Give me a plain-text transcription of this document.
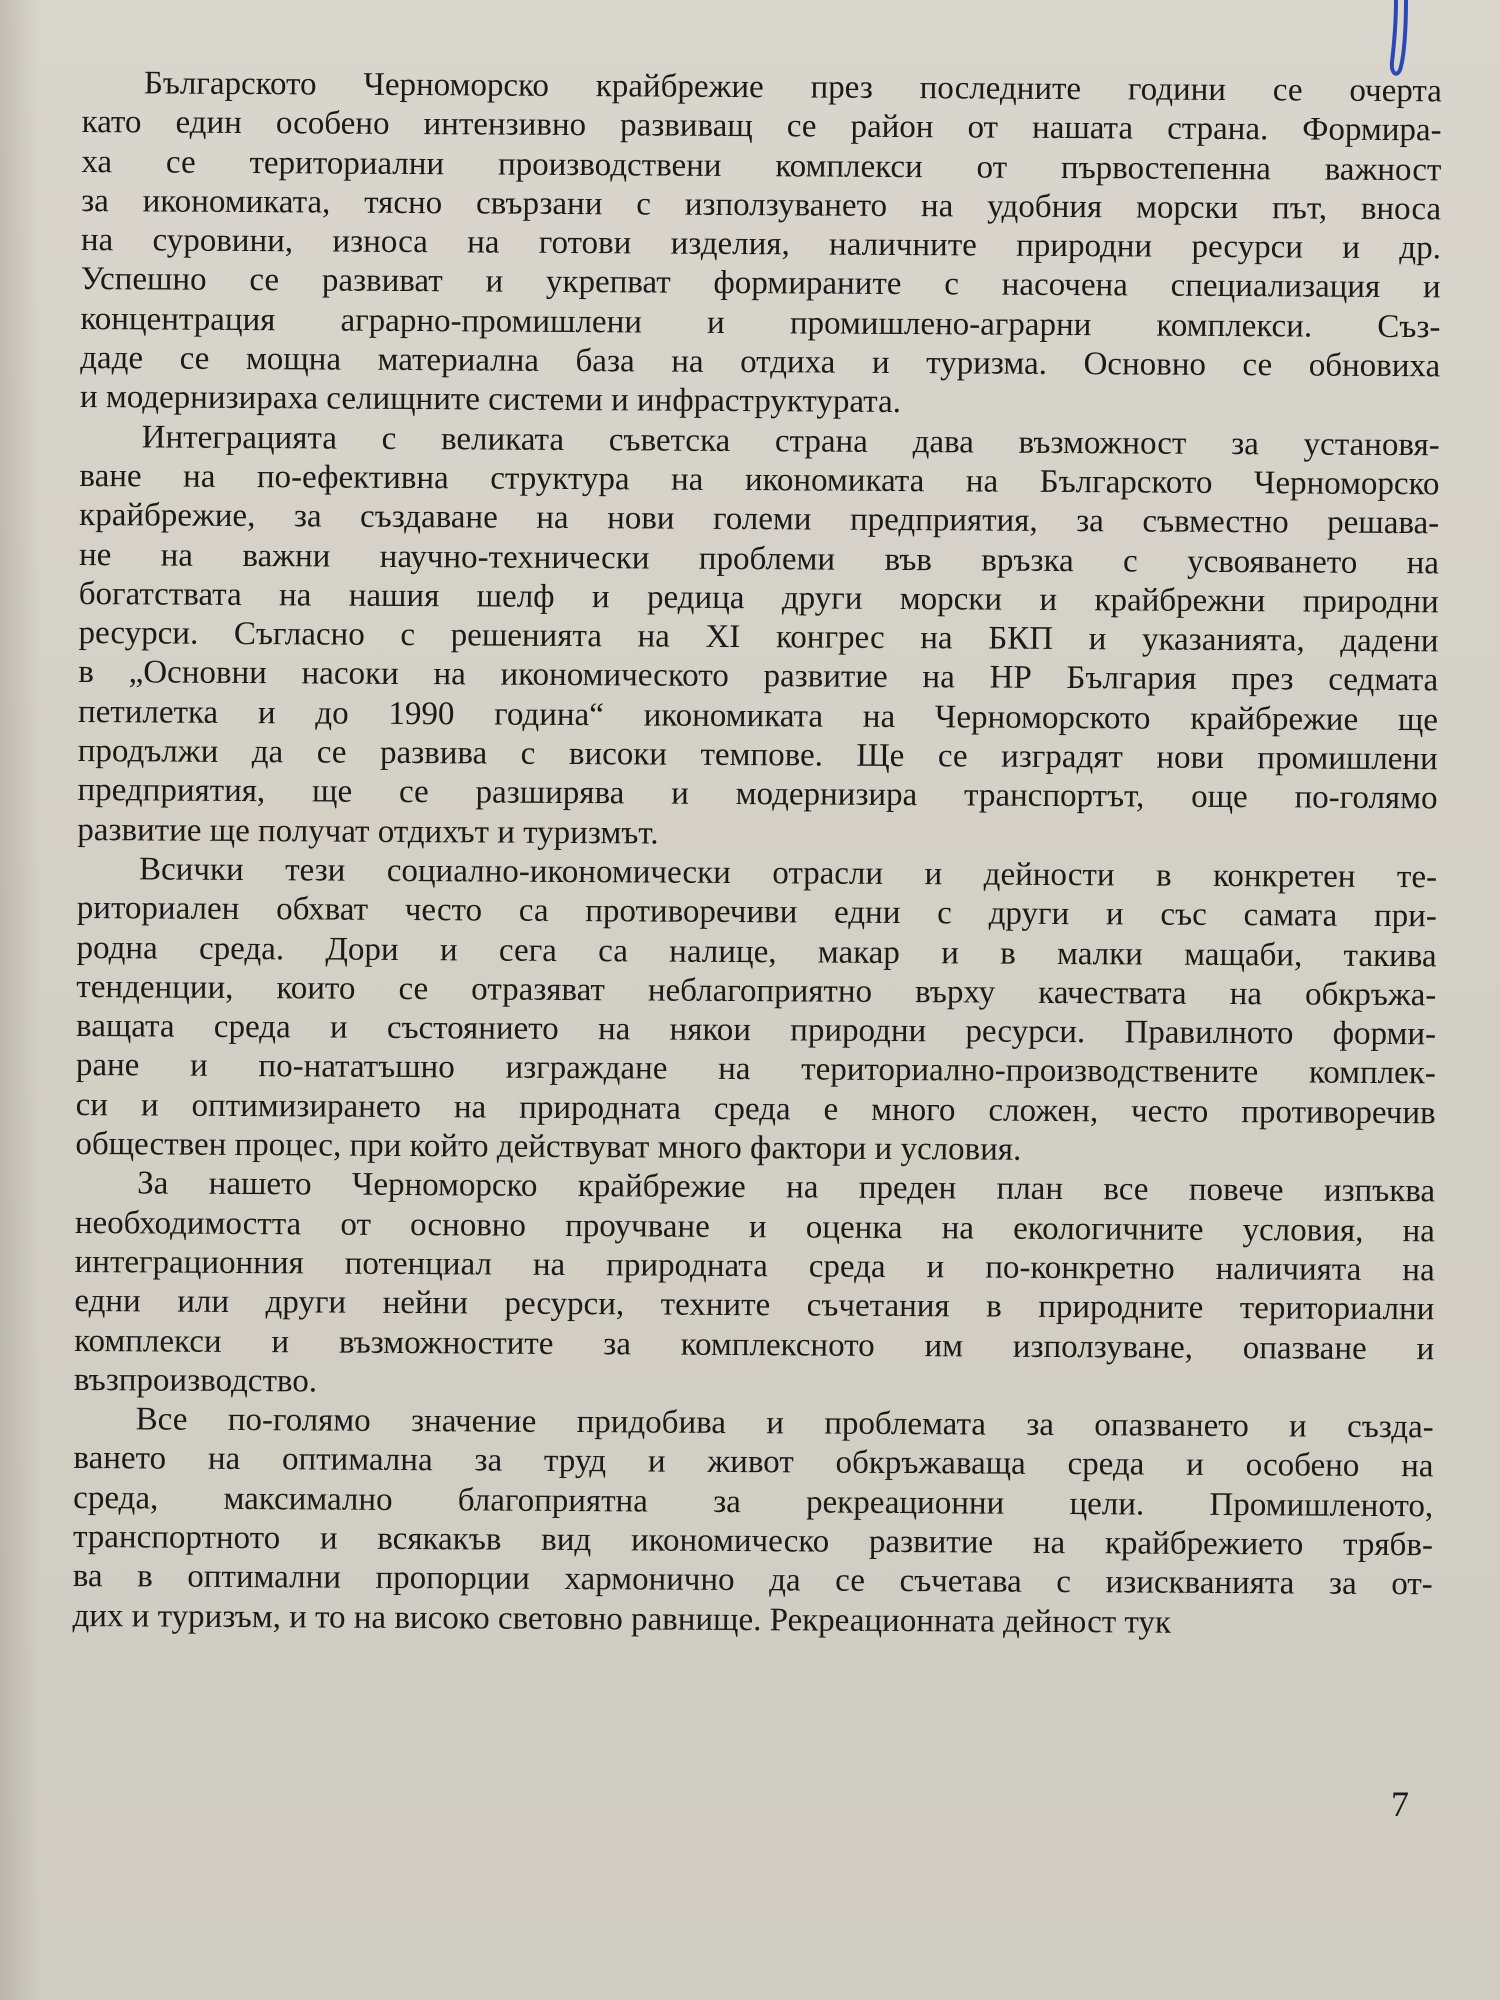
Българското Черноморско крайбрежие през последните години се очерта
като един особено интензивно развиващ се район от нашата страна. Формира-
ха се териториални производствени комплекси от първостепенна важност
за икономиката, тясно свързани с използуването на удобния морски път, вноса
на суровини, износа на готови изделия, наличните природни ресурси и др.
Успешно се развиват и укрепват формираните с насочена специализация и
концентрация аграрно-промишлени и промишлено-аграрни комплекси. Съз-
даде се мощна материална база на отдиха и туризма. Основно се обновиха
и модернизираха селищните системи и инфраструктурата.
Интеграцията с великата съветска страна дава възможност за установя-
ване на по-ефективна структура на икономиката на Българското Черноморско
крайбрежие, за създаване на нови големи предприятия, за съвместно решава-
не на важни научно-технически проблеми във връзка с усвояването на
богатствата на нашия шелф и редица други морски и крайбрежни природни
ресурси. Съгласно с решенията на XI конгрес на БКП и указанията, дадени
в „Основни насоки на икономическото развитие на НР България през седмата
петилетка и до 1990 година“ икономиката на Черноморското крайбрежие ще
продължи да се развива с високи темпове. Ще се изградят нови промишлени
предприятия, ще се разширява и модернизира транспортът, още по-голямо
развитие ще получат отдихът и туризмът.
Всички тези социално-икономически отрасли и дейности в конкретен те-
риториален обхват често са противоречиви едни с други и със самата при-
родна среда. Дори и сега са налице, макар и в малки мащаби, такива
тенденции, които се отразяват неблагоприятно върху качествата на обкръжа-
ващата среда и състоянието на някои природни ресурси. Правилното форми-
ране и по-нататъшно изграждане на териториално-производствените комплек-
си и оптимизирането на природната среда е много сложен, често противоречив
обществен процес, при който действуват много фактори и условия.
За нашето Черноморско крайбрежие на преден план все повече изпъква
необходимостта от основно проучване и оценка на екологичните условия, на
интеграционния потенциал на природната среда и по-конкретно наличията на
едни или други нейни ресурси, техните съчетания в природните териториални
комплекси и възможностите за комплексното им използуване, опазване и
възпроизводство.
Все по-голямо значение придобива и проблемата за опазването и създа-
ването на оптимална за труд и живот обкръжаваща среда и особено на
среда, максимално благоприятна за рекреационни цели. Промишленото,
транспортното и всякакъв вид икономическо развитие на крайбрежието трябв-
ва в оптимални пропорции хармонично да се съчетава с изискванията за от-
дих и туризъм, и то на високо световно равнище. Рекреационната дейност тук
7
